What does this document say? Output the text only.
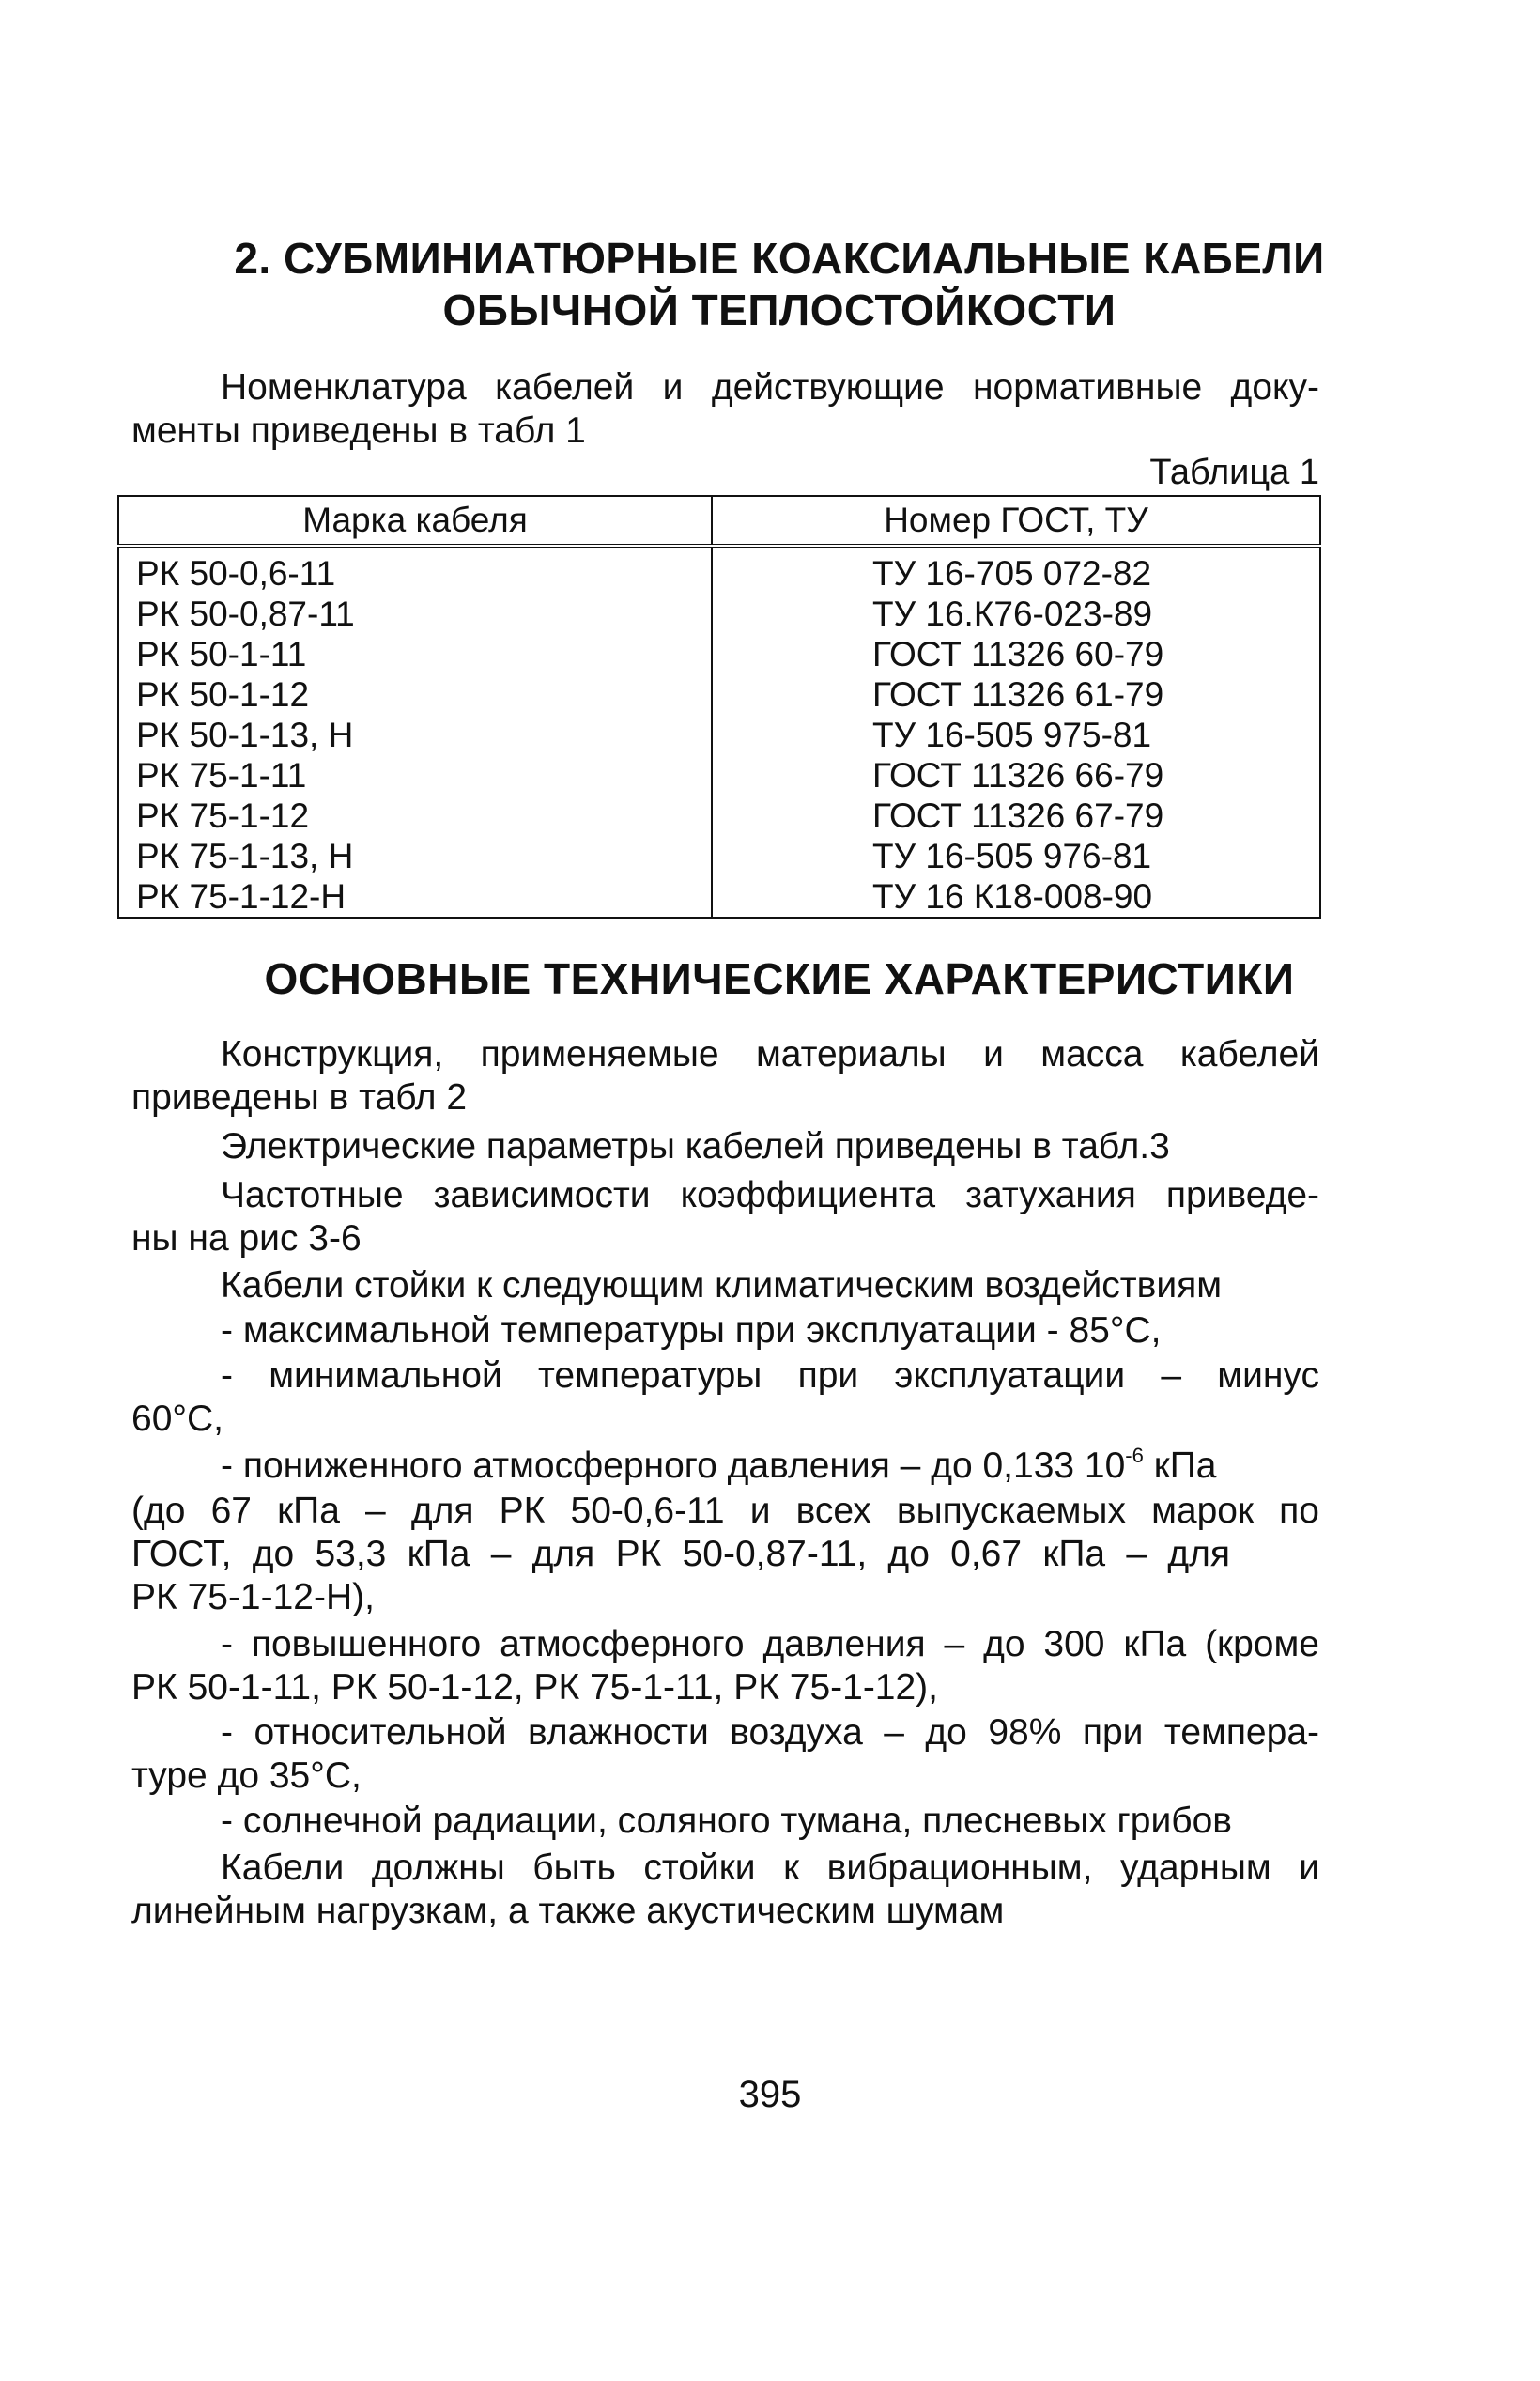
2. СУБМИНИАТЮРНЫЕ КОАКСИАЛЬНЫЕ КАБЕЛИ
ОБЫЧНОЙ ТЕПЛОСТОЙКОСТИ
Номенклатура кабелей и действующие нормативные доку-
менты приведены в табл 1
Таблица 1
Марка кабеля	Номер ГОСТ, ТУ
РК 50-0,6-11	ТУ 16-705 072-82
РК 50-0,87-11	ТУ 16.К76-023-89
РК 50-1-11	ГОСТ 11326 60-79
РК 50-1-12	ГОСТ 11326 61-79
РК 50-1-13, Н	ТУ 16-505 975-81
РК 75-1-11	ГОСТ 11326 66-79
РК 75-1-12	ГОСТ 11326 67-79
РК 75-1-13, Н	ТУ 16-505 976-81
РК 75-1-12-Н	ТУ 16 К18-008-90
ОСНОВНЫЕ ТЕХНИЧЕСКИЕ ХАРАКТЕРИСТИКИ
Конструкция, применяемые материалы и масса кабелей
приведены в табл 2
Электрические параметры кабелей приведены в табл.3
Частотные зависимости коэффициента затухания приведе-
ны на рис 3-6
Кабели стойки к следующим климатическим воздействиям
- максимальной температуры при эксплуатации - 85°С,
- минимальной температуры при эксплуатации – минус
60°С,
- пониженного атмосферного давления – до 0,133 $10^{-6}$ кПа
(до 67 кПа – для РК 50-0,6-11 и всех выпускаемых марок по
ГОСТ, до 53,3 кПа – для РК 50-0,87-11, до 0,67 кПа – для
РК 75-1-12-Н),
- повышенного атмосферного давления – до 300 кПа (кроме
РК 50-1-11, РК 50-1-12, РК 75-1-11, РК 75-1-12),
- относительной влажности воздуха – до 98% при темпера-
туре до 35°С,
- солнечной радиации, соляного тумана, плесневых грибов
Кабели должны быть стойки к вибрационным, ударным и
линейным нагрузкам, а также акустическим шумам
395
